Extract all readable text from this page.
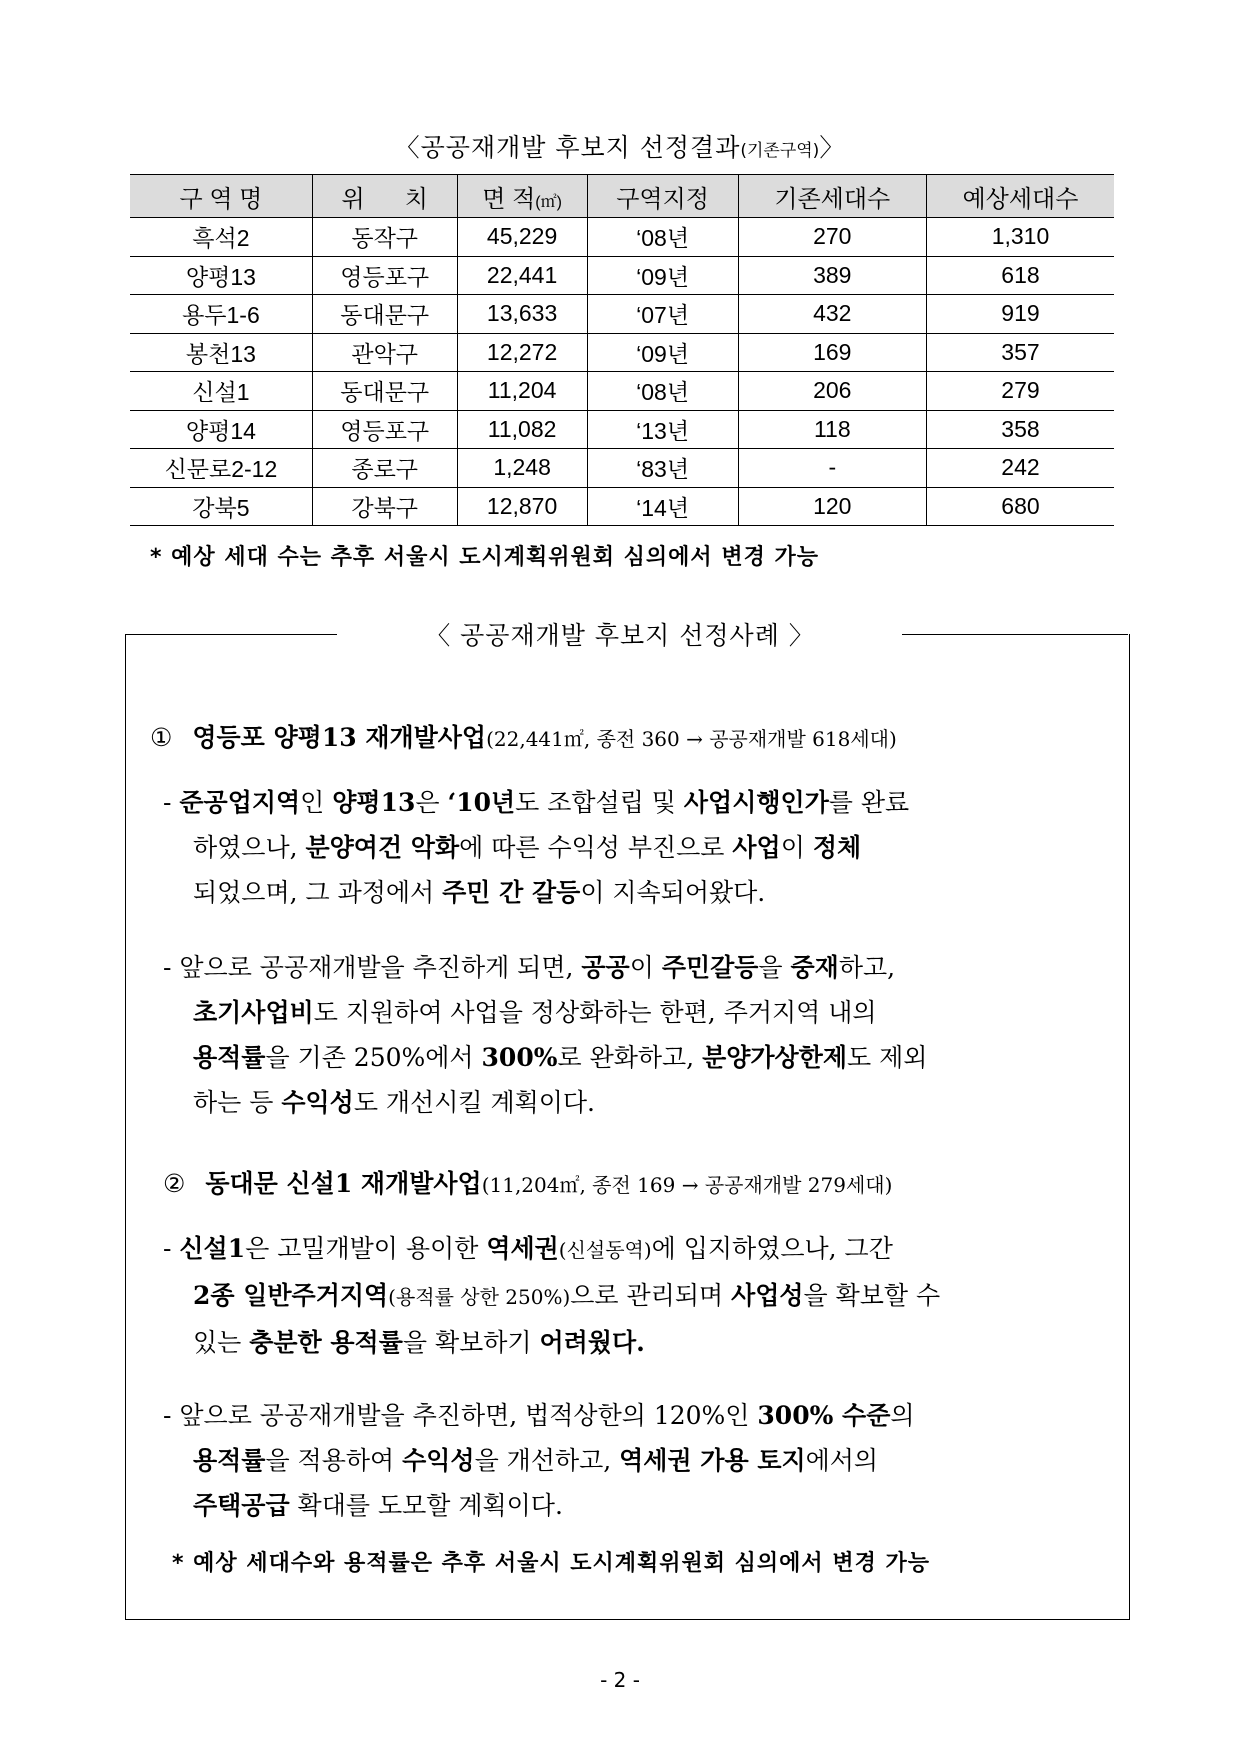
〈공공재개발 후보지 선정결과(기존구역)〉
구 역 명	위      치	면 적(㎡)	구역지정	기존세대수	예상세대수
흑석2	동작구	45,229	‘08년	270	1,310
양평13	영등포구	22,441	‘09년	389	618
용두1-6	동대문구	13,633	‘07년	432	919
봉천13	관악구	12,272	‘09년	169	357
신설1	동대문구	11,204	‘08년	206	279
양평14	영등포구	11,082	‘13년	118	358
신문로2-12	종로구	1,248	‘83년	-	242
강북5	강북구	12,870	‘14년	120	680
* 예상 세대 수는 추후 서울시 도시계획위원회 심의에서 변경 가능
〈 공공재개발 후보지 선정사례 〉
① 영등포 양평13 재개발사업(22,441㎡, 종전 360 → 공공재개발 618세대)
- 준공업지역인 양평13은 ‘10년도 조합설립 및 사업시행인가를 완료
하였으나, 분양여건 악화에 따른 수익성 부진으로 사업이 정체
되었으며, 그 과정에서 주민 간 갈등이 지속되어왔다.
- 앞으로 공공재개발을 추진하게 되면, 공공이 주민갈등을 중재하고,
초기사업비도 지원하여 사업을 정상화하는 한편, 주거지역 내의
용적률을 기존 250%에서 300%로 완화하고, 분양가상한제도 제외
하는 등 수익성도 개선시킬 계획이다.
② 동대문 신설1 재개발사업(11,204㎡, 종전 169 → 공공재개발 279세대)
- 신설1은 고밀개발이 용이한 역세권(신설동역)에 입지하였으나, 그간
2종 일반주거지역(용적률 상한 250%)으로 관리되며 사업성을 확보할 수
있는 충분한 용적률을 확보하기 어려웠다.
- 앞으로 공공재개발을 추진하면, 법적상한의 120%인 300% 수준의
용적률을 적용하여 수익성을 개선하고, 역세권 가용 토지에서의
주택공급 확대를 도모할 계획이다.
* 예상 세대수와 용적률은 추후 서울시 도시계획위원회 심의에서 변경 가능
- 2 -
